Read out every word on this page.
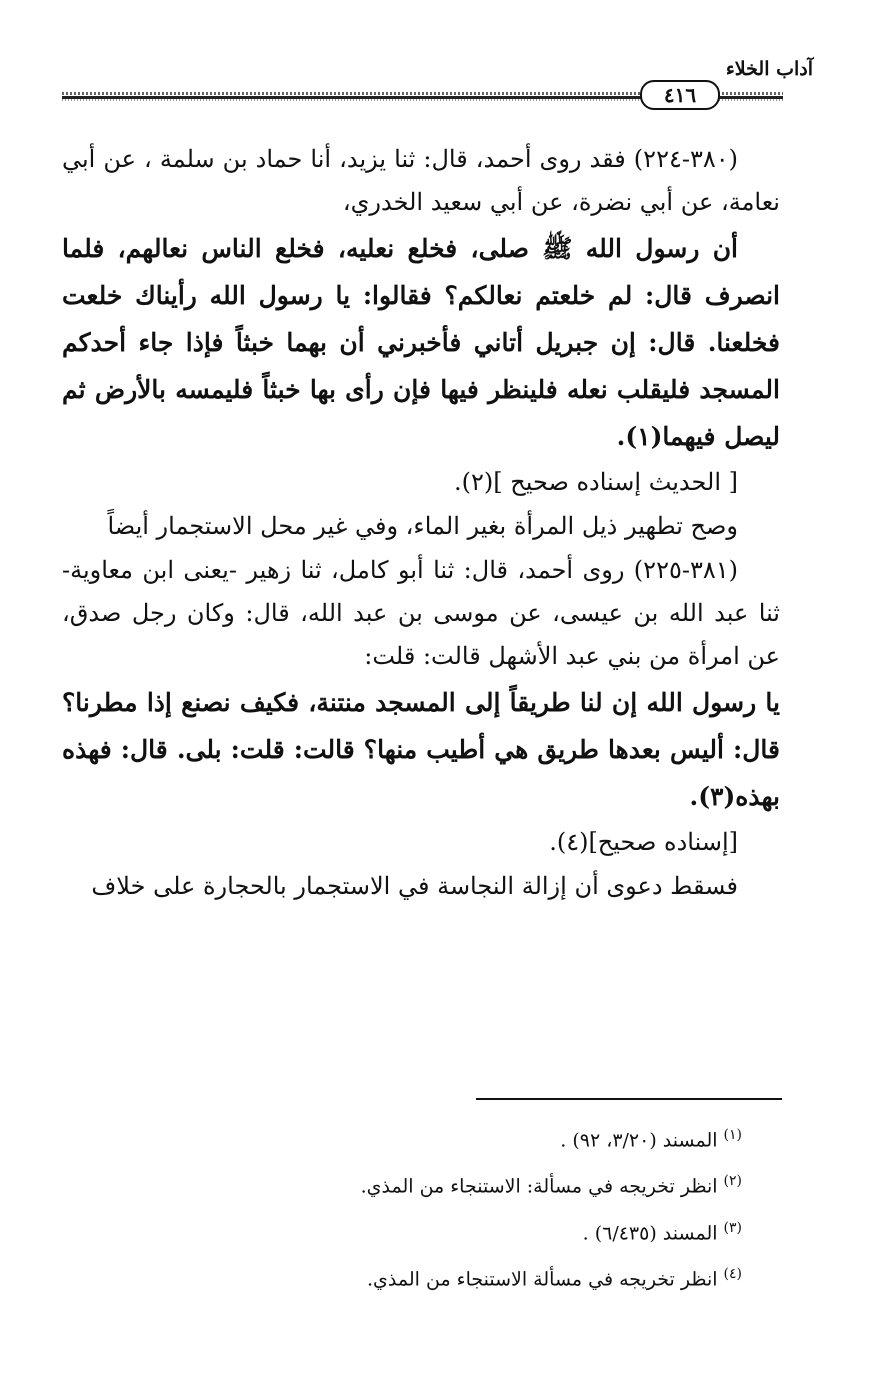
آداب الخلاء
٤١٦

(٣٨٠-٢٢٤) فقد روى أحمد، قال: ثنا يزيد، أنا حماد بن سلمة ، عن أبي نعامة، عن أبي نضرة، عن أبي سعيد الخدري،

أن رسول الله ﷺ صلى، فخلع نعليه، فخلع الناس نعالهم، فلما انصرف قال: لم خلعتم نعالكم؟ فقالوا: يا رسول الله رأيناك خلعت فخلعنا. قال: إن جبريل أتاني فأخبرني أن بهما خبثاً فإذا جاء أحدكم المسجد فليقلب نعله فلينظر فيها فإن رأى بها خبثاً فليمسه بالأرض ثم ليصل فيهما(١).

[ الحديث إسناده صحيح ](٢).

وصح تطهير ذيل المرأة بغير الماء، وفي غير محل الاستجمار أيضاً

(٣٨١-٢٢٥) روى أحمد، قال: ثنا أبو كامل، ثنا زهير -يعنى ابن معاوية- ثنا عبد الله بن عيسى، عن موسى بن عبد الله، قال: وكان رجل صدق، عن امرأة من بني عبد الأشهل قالت: قلت:

يا رسول الله إن لنا طريقاً إلى المسجد منتنة، فكيف نصنع إذا مطرنا؟ قال: أليس بعدها طريق هي أطيب منها؟ قالت: قلت: بلى. قال: فهذه بهذه(٣).

[إسناده صحيح](٤).

فسقط دعوى أن إزالة النجاسة في الاستجمار بالحجارة على خلاف

$^{(١)}$المسند (٣/٢٠، ٩٢) .

$^{(٢)}$انظر تخريجه في مسألة: الاستنجاء من المذي.

$^{(٣)}$المسند (٦/٤٣٥) .

$^{(٤)}$انظر تخريجه في مسألة الاستنجاء من المذي.
